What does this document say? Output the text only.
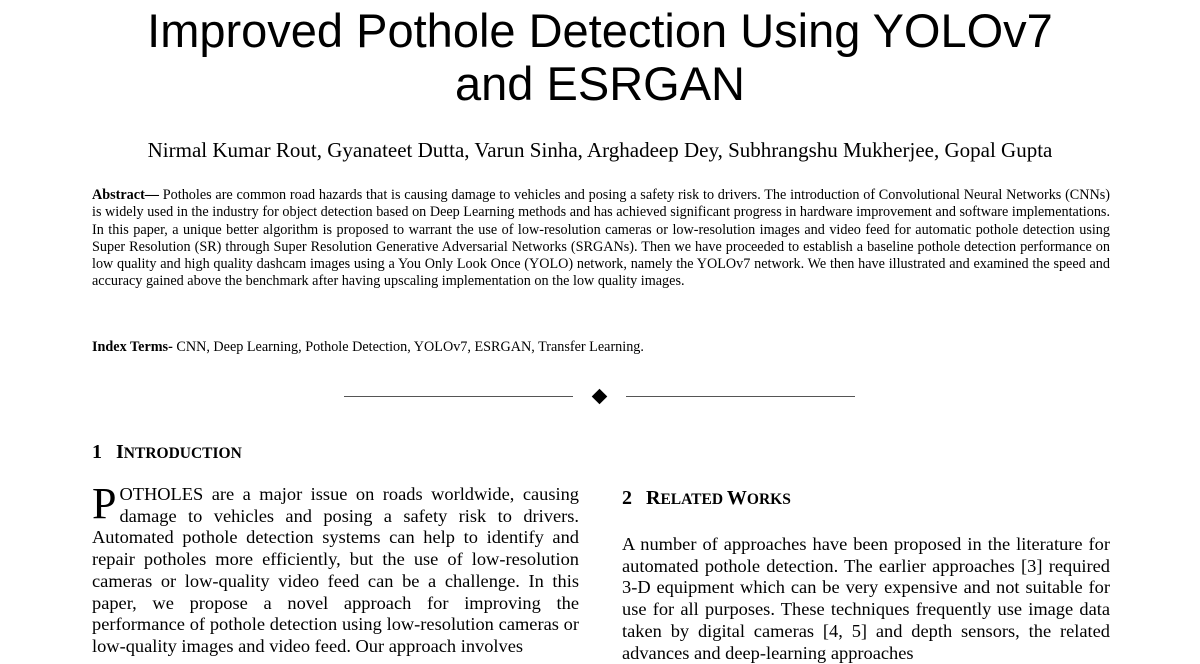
Improved Pothole Detection Using YOLOv7
and ESRGAN
Nirmal Kumar Rout, Gyanateet Dutta, Varun Sinha, Arghadeep Dey, Subhrangshu Mukherjee, Gopal Gupta

Abstract— Potholes are common road hazards that is causing damage to vehicles and posing a safety risk to drivers. The introduction of Convolutional Neural Networks (CNNs) is widely used in the industry for object detection based on Deep Learning methods and has achieved significant progress in hardware improvement and software implementations. In this paper, a unique better algorithm is proposed to warrant the use of low-resolution cameras or low-resolution images and video feed for automatic pothole detection using Super Resolution (SR) through Super Resolution Generative Adversarial Networks (SRGANs). Then we have proceeded to establish a baseline pothole detection performance on low quality and high quality dashcam images using a You Only Look Once (YOLO) network, namely the YOLOv7 network. We then have illustrated and examined the speed and accuracy gained above the benchmark after having upscaling implementation on the low quality images.

Index Terms- CNN, Deep Learning, Pothole Detection, YOLOv7, ESRGAN, Transfer Learning.

1 INTRODUCTION
POTHOLES are a major issue on roads worldwide, causing damage to vehicles and posing a safety risk to drivers. Automated pothole detection systems can help to identify and repair potholes more efficiently, but the use of low-resolution cameras or low-quality video feed can be a challenge. In this paper, we propose a novel approach for improving the performance of pothole detection using low-resolution cameras or low-quality images and video feed. Our approach involves
2 RELATED WORKS
A number of approaches have been proposed in the literature for automated pothole detection. The earlier approaches [3] required 3-D equipment which can be very expensive and not suitable for use for all purposes. These techniques frequently use image data taken by digital cameras [4, 5] and depth sensors, the related advances and deep-learning approaches
